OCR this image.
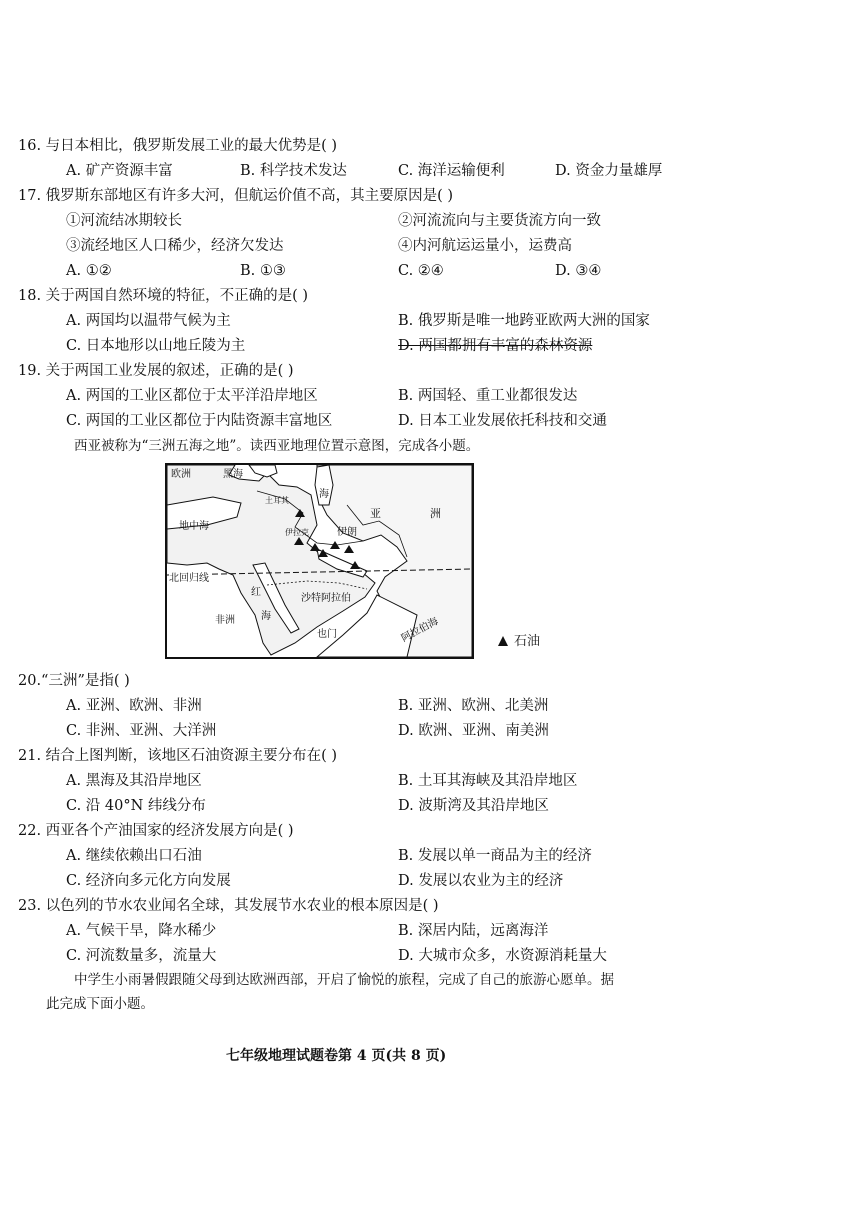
16. 与日本相比，俄罗斯发展工业的最大优势是( )
A. 矿产资源丰富	B. 科学技术发达	C. 海洋运输便利	D. 资金力量雄厚
17. 俄罗斯东部地区有许多大河，但航运价值不高，其主要原因是( )
①河流结冰期较长	②河流流向与主要货流方向一致
③流经地区人口稀少，经济欠发达	④内河航运运量小，运费高
A. ①②	B. ①③	C. ②④	D. ③④
18. 关于两国自然环境的特征，不正确的是( )
A. 两国均以温带气候为主	B. 俄罗斯是唯一地跨亚欧两大洲的国家
C. 日本地形以山地丘陵为主	D. 两国都拥有丰富的森林资源
19. 关于两国工业发展的叙述，正确的是( )
A. 两国的工业区都位于太平洋沿岸地区	B. 两国轻、重工业都很发达
C. 两国的工业区都位于内陆资源丰富地区	D. 日本工业发展依托科技和交通
西亚被称为“三洲五海之地”。读西亚地理位置示意图，完成各小题。
欧洲	黑海
海
亚	洲
地中海
伊朗
北回归线
红
海
非洲
沙特阿拉伯
也门	阿拉伯海
土耳其
伊拉克
石油
20.“三洲”是指( )
A. 亚洲、欧洲、非洲	B. 亚洲、欧洲、北美洲
C. 非洲、亚洲、大洋洲	D. 欧洲、亚洲、南美洲
21. 结合上图判断，该地区石油资源主要分布在( )
A. 黑海及其沿岸地区	B. 土耳其海峡及其沿岸地区
C. 沿 40°N 纬线分布	D. 波斯湾及其沿岸地区
22. 西亚各个产油国家的经济发展方向是( )
A. 继续依赖出口石油	B. 发展以单一商品为主的经济
C. 经济向多元化方向发展	D. 发展以农业为主的经济
23. 以色列的节水农业闻名全球，其发展节水农业的根本原因是( )
A. 气候干旱，降水稀少	B. 深居内陆，远离海洋
C. 河流数量多，流量大	D. 大城市众多，水资源消耗量大
中学生小雨暑假跟随父母到达欧洲西部，开启了愉悦的旅程，完成了自己的旅游心愿单。据
此完成下面小题。
七年级地理试题卷第 4 页(共 8 页)
